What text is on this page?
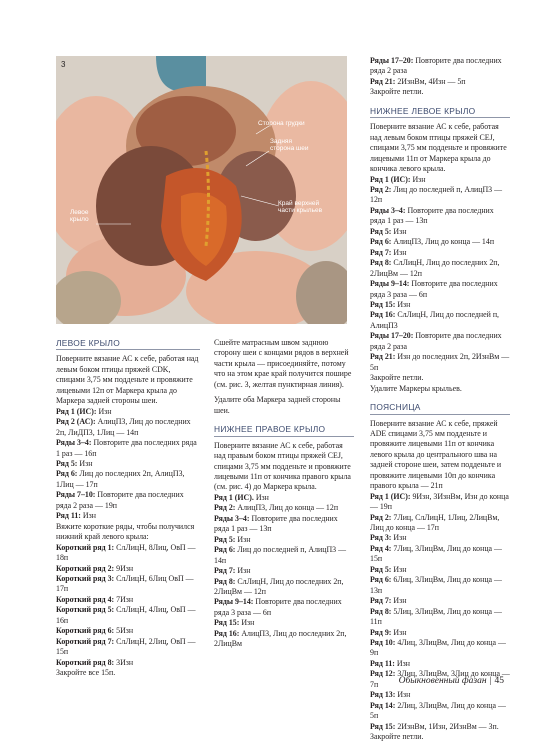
Сторона грудки
Задняя сторона шеи
Левое крыло
Край верхней части крыльев
3
ЛЕВОЕ КРЫЛО

Поверните вязание АС к себе, работая над левым боком птицы пряжей CDK, спицами 3,75 мм подденьте и провяжите лицевыми 12п от Маркера крыла до Маркера задней стороны шеи.

Ряд 1 (ИС): Изн

Ряд 2 (АС): АлицП3, Лиц до последних 2п, ЛиДП3, 1Лиц — 14п

Ряды 3–4: Повторите два последних ряда 1 раз — 16п

Ряд 5: Изн

Ряд 6: Лиц до последних 2п, АлицП3, 1Лиц — 17п

Ряды 7–10: Повторите два последних ряда 2 раза — 19п

Ряд 11: Изн

Вяжите короткие ряды, чтобы получился нижний край левого крыла:

Короткий ряд 1: СлЛицН, 8Лиц, ОвП — 18п

Короткий ряд 2: 9Изн

Короткий ряд 3: СлЛицН, 6Лиц ОвП — 17п

Короткий ряд 4: 7Изн

Короткий ряд 5: СлЛицН, 4Лиц, ОвП — 16п

Короткий ряд 6: 5Изн

Короткий ряд 7: СлЛицН, 2Лиц, ОвП — 15п

Короткий ряд 8: 3Изн

Закройте все 15п.

Сшейте матрасным швом заднюю сторону шеи с концами рядов в верхней части крыла — присоединяйте, потому что на этом крае край получится пошире (см. рис. 3, желтая пунктирная линия).

Удалите оба Маркера задней стороны шеи.

НИЖНЕЕ ПРАВОЕ КРЫЛО

Поверните вязание АС к себе, работая над правым боком птицы пряжей CEJ, спицами 3,75 мм подденьте и провяжите лицевыми 11п от кончика правого крыла (см. рис. 4) до Маркера крыла.

Ряд 1 (ИС). Изн

Ряд 2: АлицП3, Лиц до конца — 12п

Ряды 3–4: Повторите два последних ряда 1 раз — 13п

Ряд 5: Изн

Ряд 6: Лиц до последней п, АлицП3 — 14п

Ряд 7: Изн

Ряд 8: СлЛицН, Лиц до последних 2п, 2ЛицВм — 12п

Ряды 9–14: Повторите два последних ряда 3 раза — 6п

Ряд 15: Изн

Ряд 16: АлицП3, Лиц до последних 2п, 2ЛицВм

Ряды 17–20: Повторите два последних ряда 2 раза

Ряд 21: 2ИзнВм, 4Изн — 5п

Закройте петли.

НИЖНЕЕ ЛЕВОЕ КРЫЛО

Поверните вязание АС к себе, работая над левым боком птицы пряжей CEJ, спицами 3,75 мм подденьте и провяжите лицевыми 11п от Маркера крыла до кончика левого крыла.

Ряд 1 (ИС): Изн

Ряд 2: Лиц до последней п, АлицП3 — 12п

Ряды 3–4: Повторите два последних ряда 1 раз — 13п

Ряд 5: Изн

Ряд 6: АлицП3, Лиц до конца — 14п

Ряд 7: Изн

Ряд 8: СлЛицН, Лиц до последних 2п, 2ЛицВм — 12п

Ряды 9–14: Повторите два последних ряда 3 раза — 6п

Ряд 15: Изн

Ряд 16: СлЛицН, Лиц до последней п, АлицП3

Ряды 17–20: Повторите два последних ряда 2 раза

Ряд 21: Изн до последних 2п, 2ИзнВм — 5п

Закройте петли.

Удалите Маркеры крыльев.

ПОЯСНИЦА

Поверните вязание АС к себе, пряжей ADE спицами 3,75 мм подденьте и провяжите лицевыми 11п от кончика левого крыла до центрального шва на задней стороне шеи, затем подденьте и провяжите лицевыми 10п до кончика правого крыла — 21п

Ряд 1 (ИС): 9Изн, 3ИзнВм, Изн до конца — 19п

Ряд 2: 7Лиц, СлЛицН, 1Лиц, 2ЛицВм, Лиц до конца — 17п

Ряд 3: Изн

Ряд 4: 7Лиц, 3ЛицВм, Лиц до конца — 15п

Ряд 5: Изн

Ряд 6: 6Лиц, 3ЛицВм, Лиц до конца — 13п

Ряд 7: Изн

Ряд 8: 5Лиц, 3ЛицВм, Лиц до конца — 11п

Ряд 9: Изн

Ряд 10: 4Лиц, 3ЛицВм, Лиц до конца — 9п

Ряд 11: Изн

Ряд 12: 3Лиц, 3ЛицВм, 3Лиц до конца — 7п

Ряд 13: Изн

Ряд 14: 2Лиц, 3ЛицВм, Лиц до конца — 5п

Ряд 15: 2ИзнВм, 1Изн, 2ИзнВм — 3п.

Закройте петли.

Обыкновенный фазан | 45
